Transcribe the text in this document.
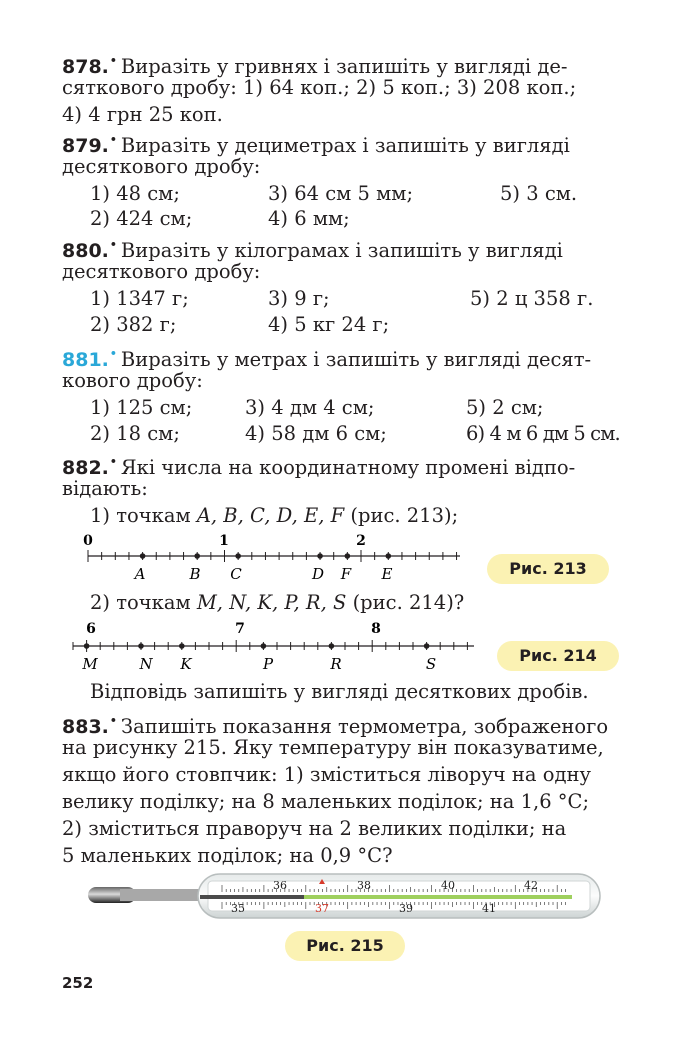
878.• Виразіть у гривнях і запишіть у вигляді де-
сяткового дробу: 1) 64 коп.; 2) 5 коп.; 3) 208 коп.;
4) 4 грн 25 коп.
879.• Виразіть у дециметрах і запишіть у вигляді
десяткового дробу:
1) 48 см;	3) 64 см 5 мм;	5) 3 см.
2) 424 см;	4) 6 мм;
880.• Виразіть у кілограмах і запишіть у вигляді
десяткового дробу:
1) 1347 г;	3) 9 г;	5) 2 ц 358 г.
2) 382 г;	4) 5 кг 24 г;
881.• Виразіть у метрах і запишіть у вигляді десят-
кового дробу:
1) 125 см;	3) 4 дм 4 см;	5) 2 см;
2) 18 см;	4) 58 дм 6 см;	6) 4 м 6 дм 5 см.
882.• Які числа на координатному промені відпо-
відають:
1) точкам A, B, C, D, E, F (рис. 213);
0	1	2
A	B C	D F E	Рис. 213
2) точкам M, N, K, P, R, S (рис. 214)?
6	7	8
M	N K	P	R	S	Рис. 214
Відповідь запишіть у вигляді десяткових дробів.
883.• Запишіть показання термометра, зображеного
на рисунку 215. Яку температуру він показуватиме,
якщо його стовпчик: 1) зміститься ліворуч на одну
велику поділку; на 8 маленьких поділок; на 1,6 °С;
2) зміститься праворуч на 2 великих поділки; на
5 маленьких поділок; на 0,9 °С?
36	38	40	42
35	37	39	41
Рис. 215
252
